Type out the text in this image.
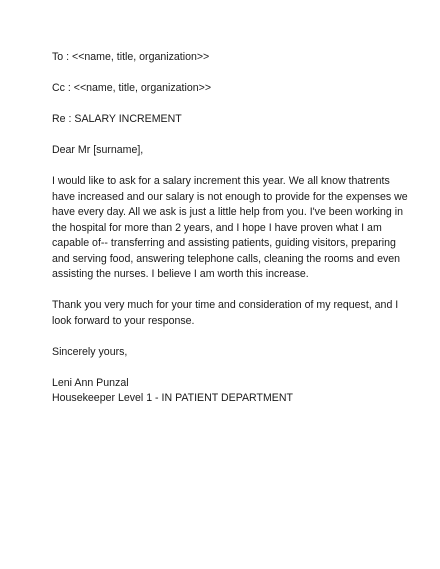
To : <<name, title, organization>>
Cc : <<name, title, organization>>
Re : SALARY INCREMENT
Dear Mr [surname],
I would like to ask for a salary increment this year. We all know thatrents
have increased and our salary is not enough to provide for the expenses we
have every day. All we ask is just a little help from you. I've been working in
the hospital for more than 2 years, and I hope I have proven what I am
capable of-- transferring and assisting patients, guiding visitors, preparing
and serving food, answering telephone calls, cleaning the rooms and even
assisting the nurses. I believe I am worth this increase.
Thank you very much for your time and consideration of my request, and I
look forward to your response.
Sincerely yours,
Leni Ann Punzal
Housekeeper Level 1 - IN PATIENT DEPARTMENT
